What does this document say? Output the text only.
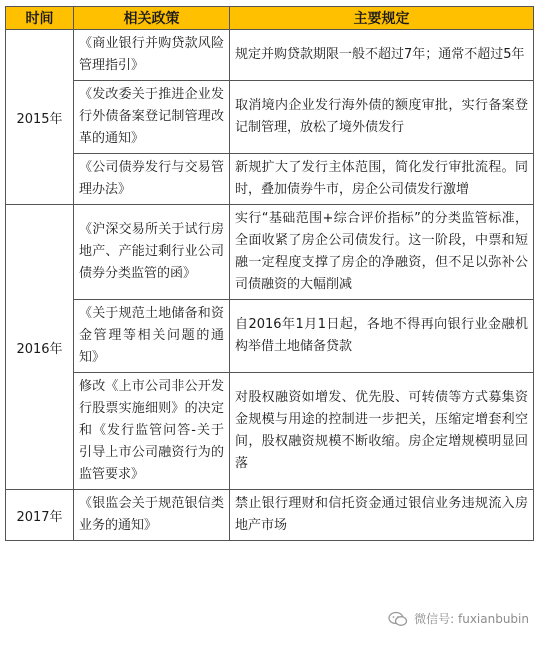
时间	相关政策	主要规定
2015年	《商业银行并购贷款风险管理指引》	规定并购贷款期限一般不超过7年；通常不超过5年
	《发改委关于推进企业发行外债备案登记制管理改革的通知》	取消境内企业发行海外债的额度审批，实行备案登记制管理，放松了境外债发行
	《公司债券发行与交易管理办法》	新规扩大了发行主体范围，简化发行审批流程。同时，叠加债券牛市，房企公司债发行激增
2016年	《沪深交易所关于试行房地产、产能过剩行业公司债券分类监管的函》	实行“基础范围+综合评价指标”的分类监管标准，全面收紧了房企公司债发行。这一阶段，中票和短融一定程度支撑了房企的净融资，但不足以弥补公司债融资的大幅削减
	《关于规范土地储备和资金管理等相关问题的通知》	自2016年1月1日起，各地不得再向银行业金融机构举借土地储备贷款
	修改《上市公司非公开发行股票实施细则》的决定和《发行监管问答-关于引导上市公司融资行为的监管要求》	对股权融资如增发、优先股、可转债等方式募集资金规模与用途的控制进一步把关，压缩定增套利空间，股权融资规模不断收缩。房企定增规模明显回落
2017年	《银监会关于规范银信类业务的通知》	禁止银行理财和信托资金通过银信业务违规流入房地产市场
微信号: fuxianbubin
